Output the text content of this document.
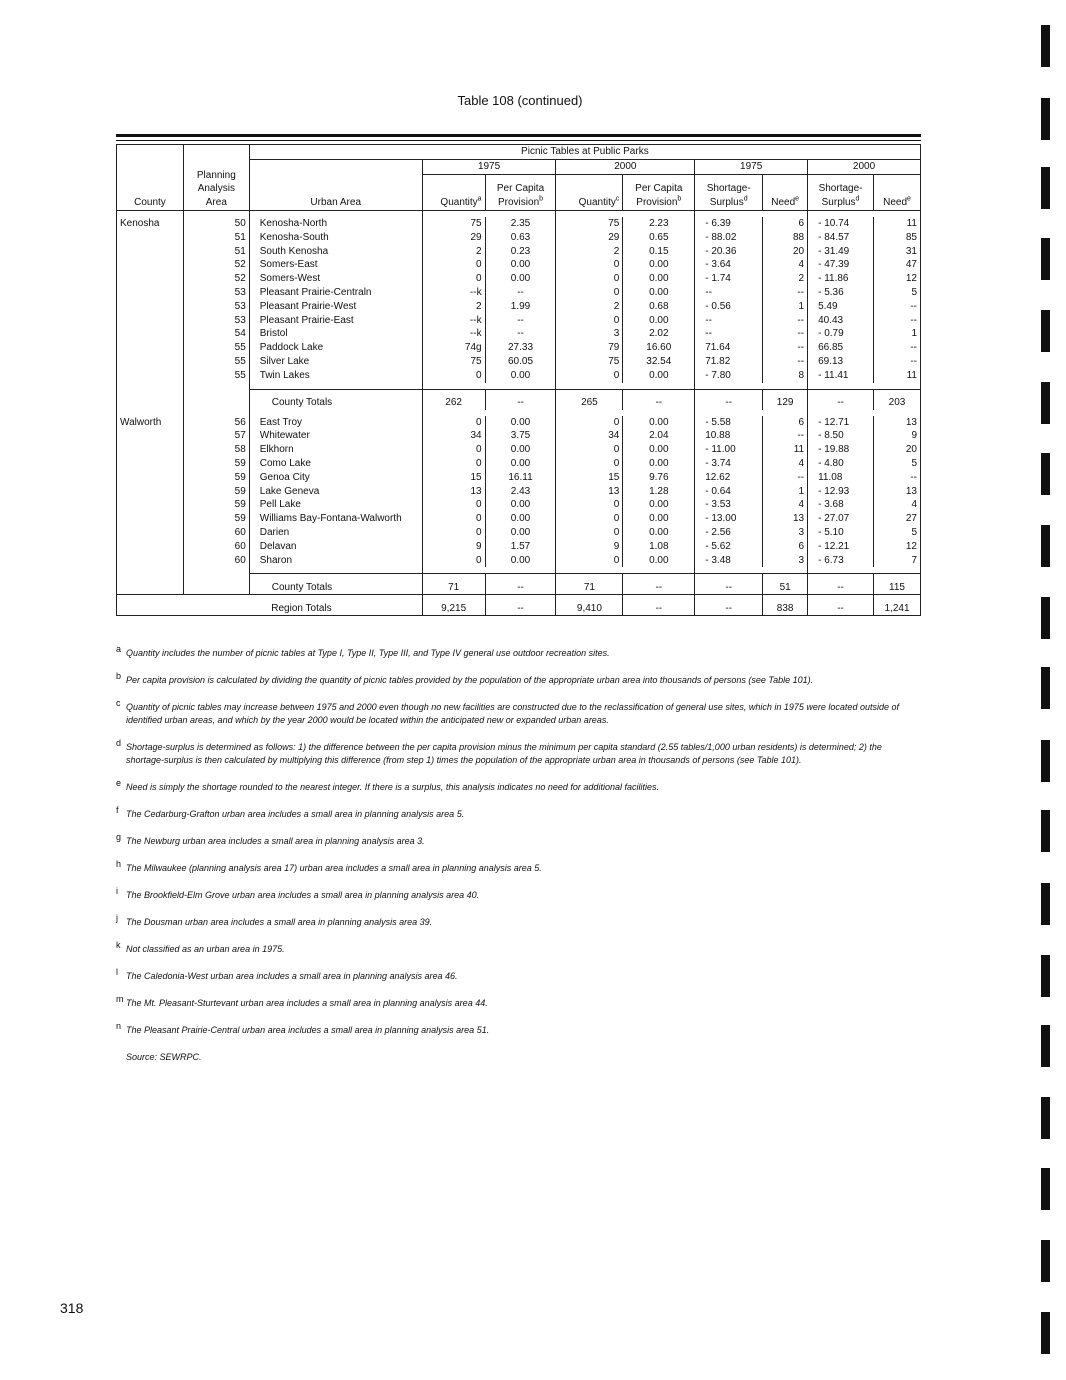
Table 108 (continued)
County	Planning Analysis Area	Picnic Tables at Public Parks								
		Urban Area	1975		2000		1975		2000	
			Quantity$^a$	Per Capita Provision$^b$	Quantity$^c$	Per Capita Provision$^b$	Shortage-Surplus$^d$	Need$^e$	Shortage-Surplus$^d$	Need$^e$

Kenosha	50	Kenosha-North	75	2.35	75	2.23	- 6.39	6	- 10.74	11
	51	Kenosha-South	29	0.63	29	0.65	- 88.02	88	- 84.57	85
	51	South Kenosha	2	0.23	2	0.15	- 20.36	20	- 31.49	31
	52	Somers-East	0	0.00	0	0.00	- 3.64	4	- 47.39	47
	52	Somers-West	0	0.00	0	0.00	- 1.74	2	- 11.86	12
	53	Pleasant Prairie-Centraln	--k	--	0	0.00	--	--	- 5.36	5
	53	Pleasant Prairie-West	2	1.99	2	0.68	- 0.56	1	5.49	--
	53	Pleasant Prairie-East	--k	--	0	0.00	--	--	40.43	--
	54	Bristol	--k	--	3	2.02	--	--	- 0.79	1
	55	Paddock Lake	74g	27.33	79	16.60	71.64	--	66.85	--
	55	Silver Lake	75	60.05	75	32.54	71.82	--	69.13	--
	55	Twin Lakes	0	0.00	0	0.00	- 7.80	8	- 11.41	11

		County Totals	262	--	265	--	--	129	--	203

Walworth	56	East Troy	0	0.00	0	0.00	- 5.58	6	- 12.71	13
	57	Whitewater	34	3.75	34	2.04	10.88	--	- 8.50	9
	58	Elkhorn	0	0.00	0	0.00	- 11.00	11	- 19.88	20
	59	Como Lake	0	0.00	0	0.00	- 3.74	4	- 4.80	5
	59	Genoa City	15	16.11	15	9.76	12.62	--	11.08	--
	59	Lake Geneva	13	2.43	13	1.28	- 0.64	1	- 12.93	13
	59	Pell Lake	0	0.00	0	0.00	- 3.53	4	- 3.68	4
	59	Williams Bay-Fontana-Walworth	0	0.00	0	0.00	- 13.00	13	- 27.07	27
	60	Darien	0	0.00	0	0.00	- 2.56	3	- 5.10	5
	60	Delavan	9	1.57	9	1.08	- 5.62	6	- 12.21	12
	60	Sharon	0	0.00	0	0.00	- 3.48	3	- 6.73	7

		County Totals	71	--	71	--	--	51	--	115
		Region Totals	9,215	--	9,410	--	--	838	--	1,241
a Quantity includes the number of picnic tables at Type I, Type II, Type III, and Type IV general use outdoor recreation sites.
b Per capita provision is calculated by dividing the quantity of picnic tables provided by the population of the appropriate urban area into thousands of persons (see Table 101).
c Quantity of picnic tables may increase between 1975 and 2000 even though no new facilities are constructed due to the reclassification of general use sites, which in 1975 were located outside of identified urban areas, and which by the year 2000 would be located within the anticipated new or expanded urban areas.
d Shortage-surplus is determined as follows: 1) the difference between the per capita provision minus the minimum per capita standard (2.55 tables/1,000 urban residents) is determined; 2) the shortage-surplus is then calculated by multiplying this difference (from step 1) times the population of the appropriate urban area in thousands of persons (see Table 101).
e Need is simply the shortage rounded to the nearest integer. If there is a surplus, this analysis indicates no need for additional facilities.
f The Cedarburg-Grafton urban area includes a small area in planning analysis area 5.
g The Newburg urban area includes a small area in planning analysis area 3.
h The Milwaukee (planning analysis area 17) urban area includes a small area in planning analysis area 5.
i The Brookfield-Elm Grove urban area includes a small area in planning analysis area 40.
j The Dousman urban area includes a small area in planning analysis area 39.
k Not classified as an urban area in 1975.
l The Caledonia-West urban area includes a small area in planning analysis area 46.
m The Mt. Pleasant-Sturtevant urban area includes a small area in planning analysis area 44.
n The Pleasant Prairie-Central urban area includes a small area in planning analysis area 51.
Source: SEWRPC.
318
